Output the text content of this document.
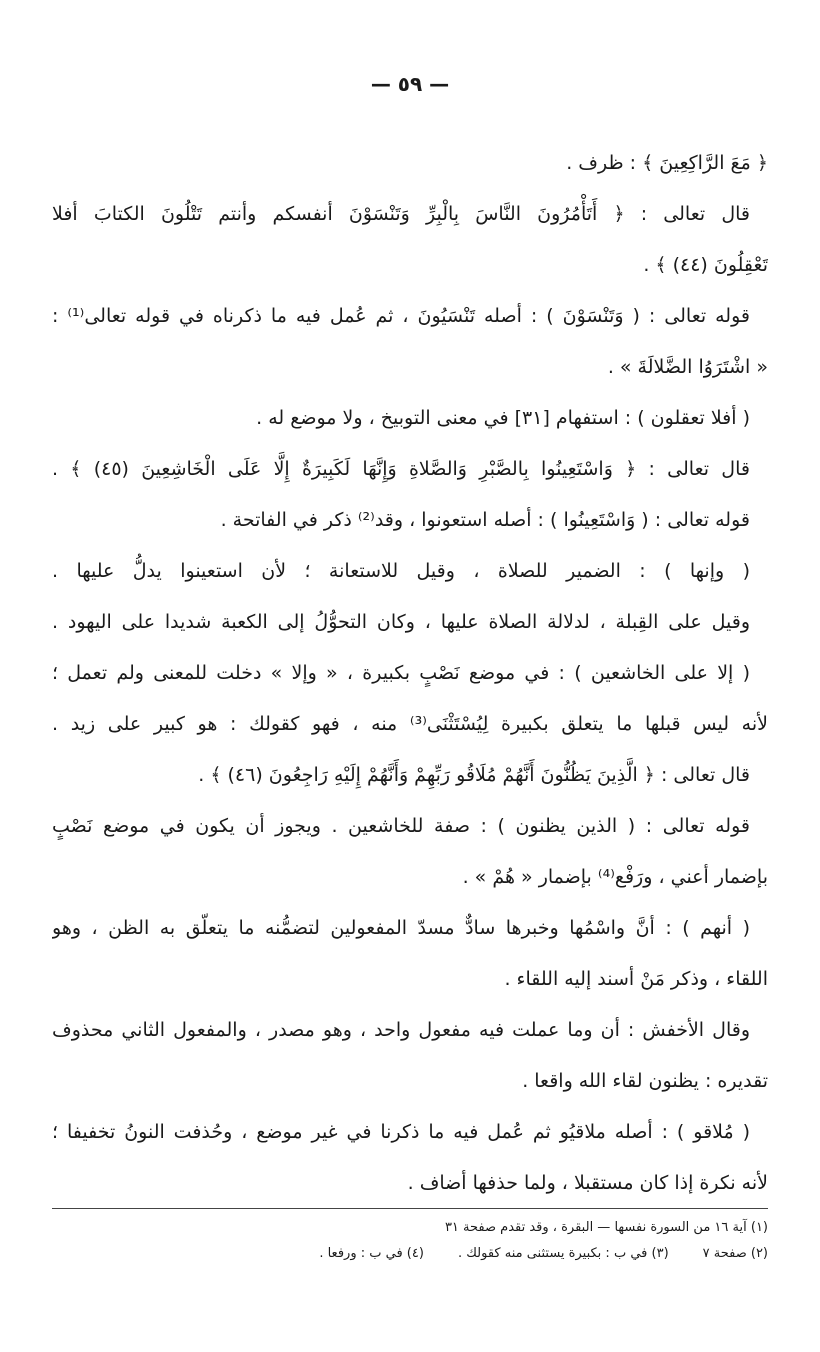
— ٥٩ —
﴿ مَعَ الرَّاكِعِينَ ﴾ : ظرف .
قال تعالى : ﴿ أَتَأْمُرُونَ النَّاسَ بِالْبِرِّ وَتَنْسَوْنَ أنفسكم وأنتم تَتْلُونَ الكتابَ أفلا
تَعْقِلُونَ (٤٤) ﴾ .
قوله تعالى : ( وَتَنْسَوْنَ ) : أصله تَنْسَيُونَ ، ثم عُمل فيه ما ذكرناه في قوله تعالى⁽¹⁾ :
« اشْتَرَوُا الضَّلالَةَ » .
( أفلا تعقلون ) : استفهام [٣١] في معنى التوبيخ ، ولا موضع له .
قال تعالى : ﴿ وَاسْتَعِينُوا بِالصَّبْرِ وَالصَّلاةِ وَإِنَّهَا لَكَبِيرَةٌ إِلَّا عَلَى الْخَاشِعِينَ (٤٥) ﴾ .
قوله تعالى : ( وَاسْتَعِينُوا ) : أصله استعونوا ، وقد⁽²⁾ ذكر في الفاتحة .
( وإنها ) : الضمير للصلاة ، وقيل للاستعانة ؛ لأن استعينوا يدلُّ عليها .
وقيل على القِبلة ، لدلالة الصلاة عليها ، وكان التحوُّلُ إلى الكعبة شديدا على اليهود .
( إلا على الخاشعين ) : في موضع نَصْبٍ بكبيرة ، « وإلا » دخلت للمعنى ولم تعمل ؛
لأنه ليس قبلها ما يتعلق بكبيرة لِيُسْتَثْنَى⁽³⁾ منه ، فهو كقولك : هو كبير على زيد .
قال تعالى : ﴿ الَّذِينَ يَظُنُّونَ أَنَّهُمْ مُلَاقُو رَبِّهِمْ وَأَنَّهُمْ إِلَيْهِ رَاجِعُونَ (٤٦) ﴾ .
قوله تعالى : ( الذين يظنون ) : صفة للخاشعين . ويجوز أن يكون في موضع نَصْبٍ
بإضمار أعني ، ورَفْع⁽⁴⁾ بإضمار « هُمْ » .
( أنهم ) : أنَّ واسْمُها وخبرها سادٌّ مسدّ المفعولين لتضمُّنه ما يتعلّق به الظن ، وهو
اللقاء ، وذكر مَنْ أسند إليه اللقاء .
وقال الأخفش : أن وما عملت فيه مفعول واحد ، وهو مصدر ، والمفعول الثاني محذوف
تقديره : يظنون لقاء الله واقعا .
( مُلاقو ) : أصله ملاقيُو ثم عُمل فيه ما ذكرنا في غير موضع ، وحُذفت النونُ تخفيفا ؛
لأنه نكرة إذا كان مستقبلا ، ولما حذفها أضاف .
(١) آية ١٦ من السورة نفسها — البقرة ، وقد تقدم صفحة ٣١
(٢) صفحة ٧(٣) في ب : بكبيرة يستثنى منه كقولك .(٤) في ب : ورفعا .
